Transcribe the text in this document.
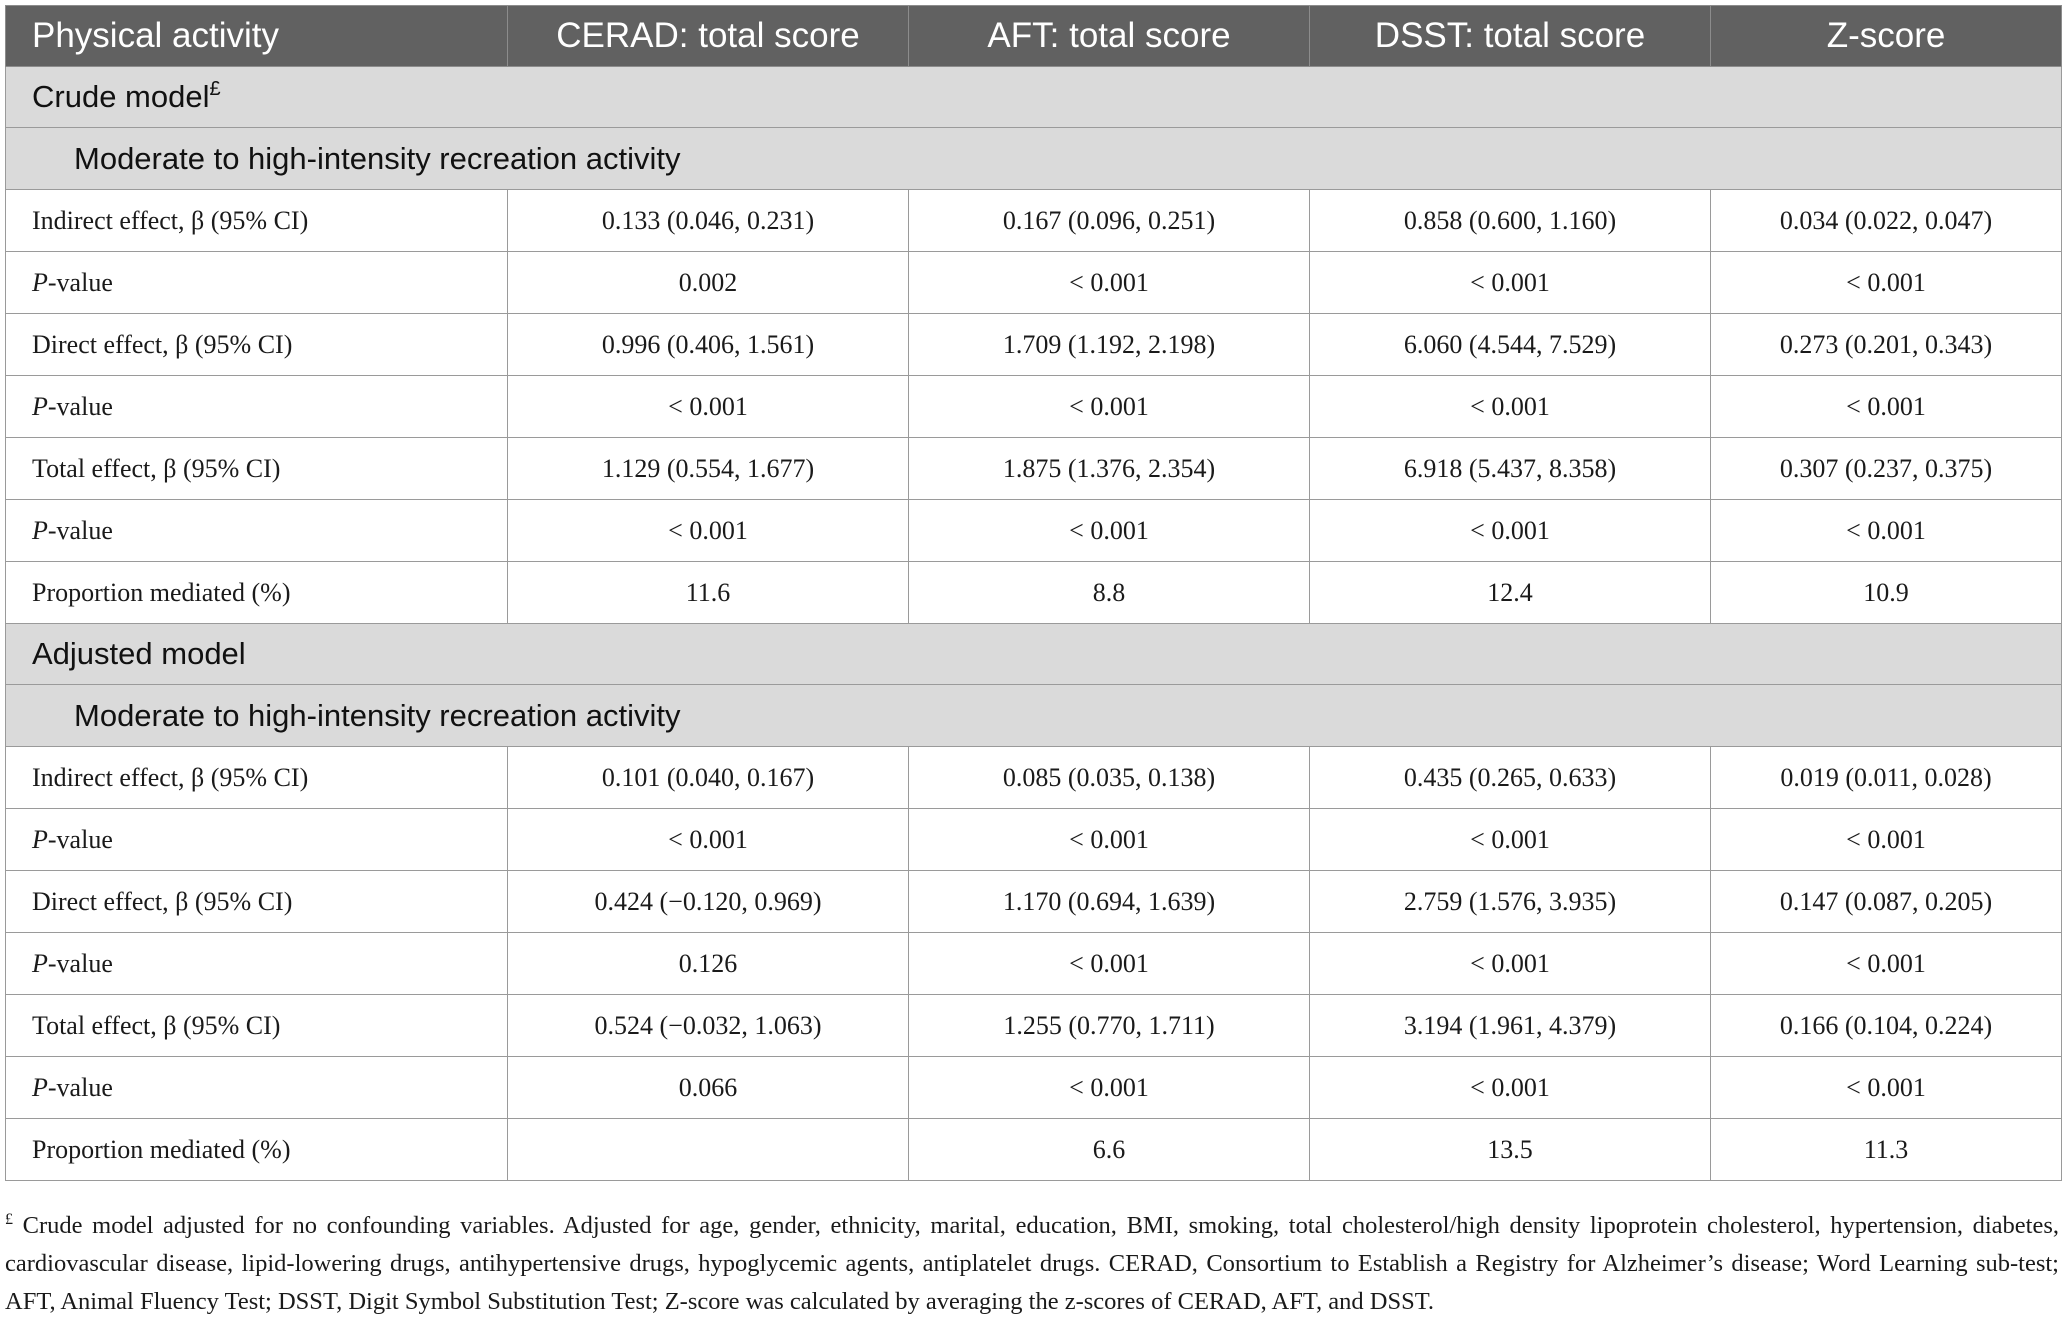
Physical activity	CERAD: total score	AFT: total score	DSST: total score	Z-score
Crude model£
Moderate to high-intensity recreation activity				
Indirect effect, β (95% CI)	0.133 (0.046, 0.231)	0.167 (0.096, 0.251)	0.858 (0.600, 1.160)	0.034 (0.022, 0.047)
P-value	0.002	< 0.001	< 0.001	< 0.001
Direct effect, β (95% CI)	0.996 (0.406, 1.561)	1.709 (1.192, 2.198)	6.060 (4.544, 7.529)	0.273 (0.201, 0.343)
P-value	< 0.001	< 0.001	< 0.001	< 0.001
Total effect, β (95% CI)	1.129 (0.554, 1.677)	1.875 (1.376, 2.354)	6.918 (5.437, 8.358)	0.307 (0.237, 0.375)
P-value	< 0.001	< 0.001	< 0.001	< 0.001
Proportion mediated (%)	11.6	8.8	12.4	10.9
Adjusted model				
Moderate to high-intensity recreation activity				
Indirect effect, β (95% CI)	0.101 (0.040, 0.167)	0.085 (0.035, 0.138)	0.435 (0.265, 0.633)	0.019 (0.011, 0.028)
P-value	< 0.001	< 0.001	< 0.001	< 0.001
Direct effect, β (95% CI)	0.424 (−0.120, 0.969)	1.170 (0.694, 1.639)	2.759 (1.576, 3.935)	0.147 (0.087, 0.205)
P-value	0.126	< 0.001	< 0.001	< 0.001
Total effect, β (95% CI)	0.524 (−0.032, 1.063)	1.255 (0.770, 1.711)	3.194 (1.961, 4.379)	0.166 (0.104, 0.224)
P-value	0.066	< 0.001	< 0.001	< 0.001
Proportion mediated (%)		6.6	13.5	11.3
£ Crude model adjusted for no confounding variables. Adjusted for age, gender, ethnicity, marital, education, BMI, smoking, total cholesterol/high density lipoprotein cholesterol, hypertension, diabetes, cardiovascular disease, lipid-lowering drugs, antihypertensive drugs, hypoglycemic agents, antiplatelet drugs. CERAD, Consortium to Establish a Registry for Alzheimer’s disease; Word Learning sub-test; AFT, Animal Fluency Test; DSST, Digit Symbol Substitution Test; Z-score was calculated by averaging the z-scores of CERAD, AFT, and DSST.
